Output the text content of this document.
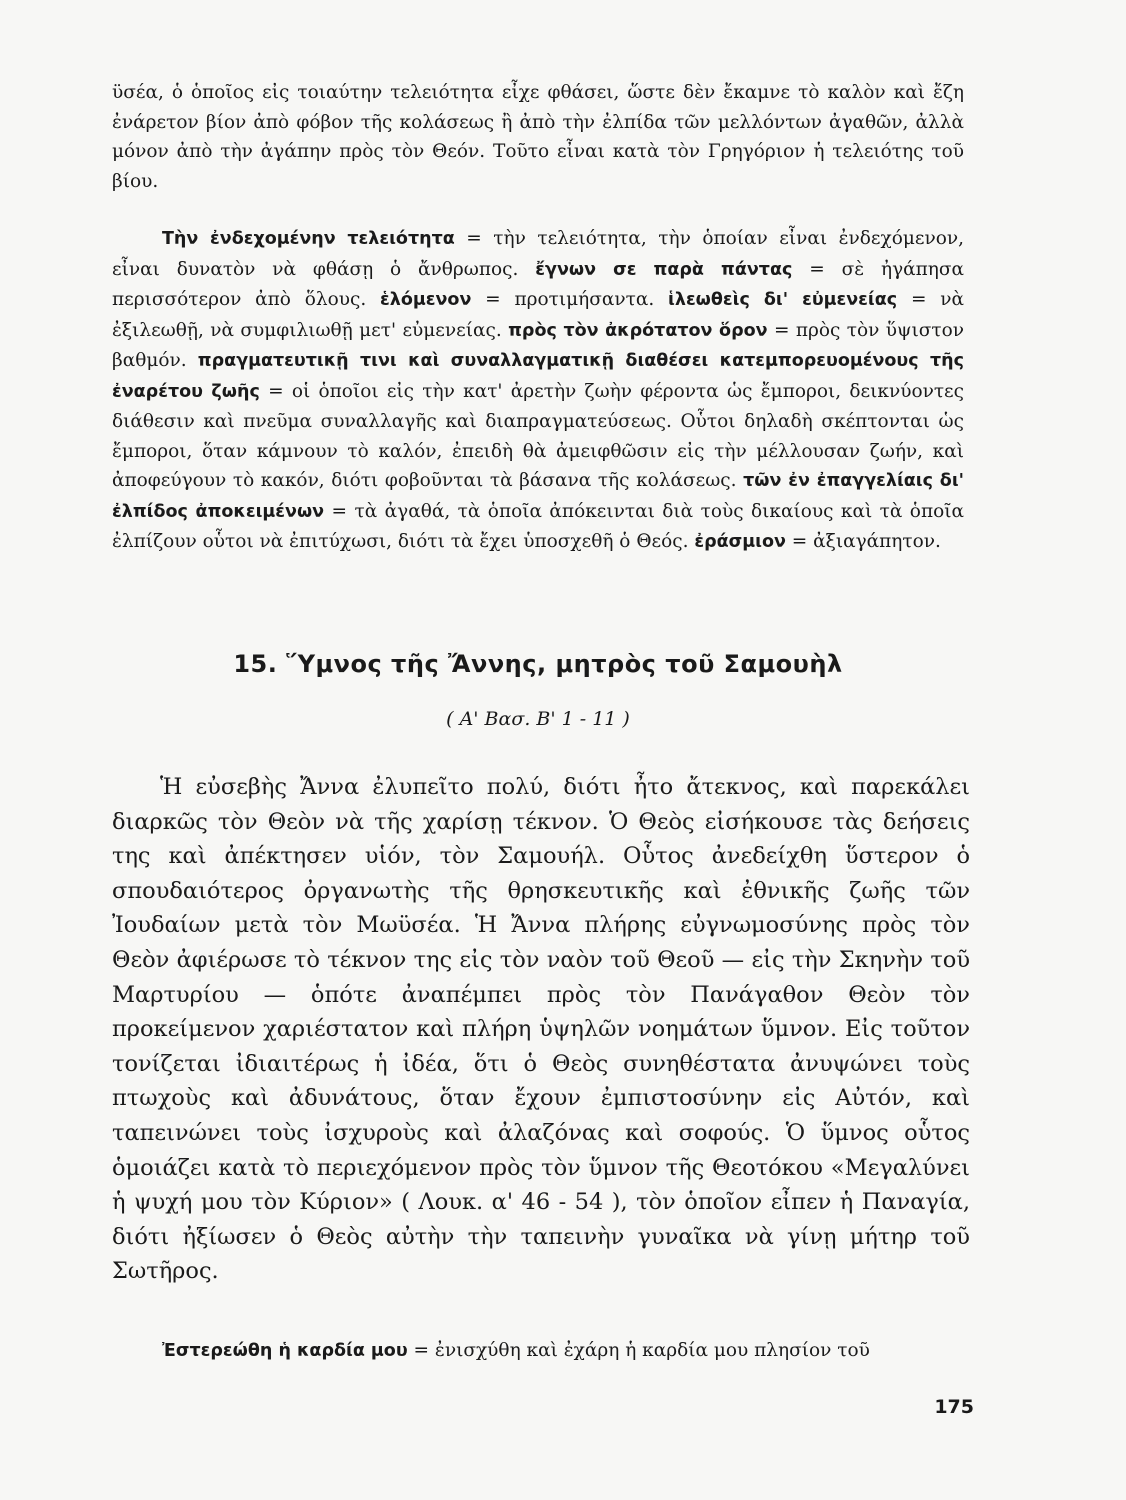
ϋσέα, ὁ ὁποῖος εἰς τοιαύτην τελειότητα εἶχε φθάσει, ὥστε δὲν ἔκαμνε τὸ καλὸν καὶ ἔζη ἐνάρετον βίον ἀπὸ φόβον τῆς κολάσεως ἢ ἀπὸ τὴν ἐλπίδα τῶν μελλόντων ἀγαθῶν, ἀλλὰ μόνον ἀπὸ τὴν ἀγάπην πρὸς τὸν Θεόν. Τοῦτο εἶναι κατὰ τὸν Γρηγόριον ἡ τελειότης τοῦ βίου.

Τὴν ἐνδεχομένην τελειότητα = τὴν τελειότητα, τὴν ὁποίαν εἶναι ἐνδεχόμενον, εἶναι δυνατὸν νὰ φθάσῃ ὁ ἄνθρωπος. ἔγνων σε παρὰ πάντας = σὲ ἠγάπησα περισσότερον ἀπὸ ὅλους. ἑλόμενον = προτιμήσαντα. ἱλεωθεὶς δι' εὐμενείας = νὰ ἐξιλεωθῇ, νὰ συμφιλιωθῇ μετ' εὐμενείας. πρὸς τὸν ἀκρότατον ὅρον = πρὸς τὸν ὕψιστον βαθμόν. πραγματευτικῇ τινι καὶ συναλλαγματικῇ διαθέσει κατεμπορευομένους τῆς ἐναρέτου ζωῆς = οἱ ὁποῖοι εἰς τὴν κατ' ἀρετὴν ζωὴν φέροντα ὡς ἔμποροι, δεικνύοντες διάθεσιν καὶ πνεῦμα συναλλαγῆς καὶ διαπραγματεύσεως. Οὗτοι δηλαδὴ σκέπτονται ὡς ἔμποροι, ὅταν κάμνουν τὸ καλόν, ἐπειδὴ θὰ ἀμειφθῶσιν εἰς τὴν μέλλουσαν ζωήν, καὶ ἀποφεύγουν τὸ κακόν, διότι φοβοῦνται τὰ βάσανα τῆς κολάσεως. τῶν ἐν ἐπαγγελίαις δι' ἐλπίδος ἀποκειμένων = τὰ ἀγαθά, τὰ ὁποῖα ἀπόκεινται διὰ τοὺς δικαίους καὶ τὰ ὁποῖα ἐλπίζουν οὗτοι νὰ ἐπιτύχωσι, διότι τὰ ἔχει ὑποσχεθῆ ὁ Θεός. ἐράσμιον = ἀξιαγάπητον.

15. Ὕμνος τῆς Ἄννης, μητρὸς τοῦ Σαμουὴλ
( Α' Βασ. Β' 1 - 11 )

Ἡ εὐσεβὴς Ἄννα ἐλυπεῖτο πολύ, διότι ἦτο ἄτεκνος, καὶ παρεκάλει διαρκῶς τὸν Θεὸν νὰ τῆς χαρίσῃ τέκνον. Ὁ Θεὸς εἰσήκουσε τὰς δεήσεις της καὶ ἀπέκτησεν υἱόν, τὸν Σαμουήλ. Οὗτος ἀνεδείχθη ὕστερον ὁ σπουδαιότερος ὀργανωτὴς τῆς θρησκευτικῆς καὶ ἐθνικῆς ζωῆς τῶν Ἰουδαίων μετὰ τὸν Μωϋσέα. Ἡ Ἄννα πλήρης εὐγνωμοσύνης πρὸς τὸν Θεὸν ἀφιέρωσε τὸ τέκνον της εἰς τὸν ναὸν τοῦ Θεοῦ — εἰς τὴν Σκηνὴν τοῦ Μαρτυρίου — ὁπότε ἀναπέμπει πρὸς τὸν Πανάγαθον Θεὸν τὸν προκείμενον χαριέστατον καὶ πλήρη ὑψηλῶν νοημάτων ὕμνον. Εἰς τοῦτον τονίζεται ἰδιαιτέρως ἡ ἰδέα, ὅτι ὁ Θεὸς συνηθέστατα ἀνυψώνει τοὺς πτωχοὺς καὶ ἀδυνάτους, ὅταν ἔχουν ἐμπιστοσύνην εἰς Αὐτόν, καὶ ταπεινώνει τοὺς ἰσχυροὺς καὶ ἀλαζόνας καὶ σοφούς. Ὁ ὕμνος οὗτος ὁμοιάζει κατὰ τὸ περιεχόμενον πρὸς τὸν ὕμνον τῆς Θεοτόκου «Μεγαλύνει ἡ ψυχή μου τὸν Κύριον» ( Λουκ. α' 46 - 54 ), τὸν ὁποῖον εἶπεν ἡ Παναγία, διότι ἠξίωσεν ὁ Θεὸς αὐτὴν τὴν ταπεινὴν γυναῖκα νὰ γίνῃ μήτηρ τοῦ Σωτῆρος.

Ἐστερεώθη ἡ καρδία μου = ἐνισχύθη καὶ ἐχάρη ἡ καρδία μου πλησίον τοῦ

175
